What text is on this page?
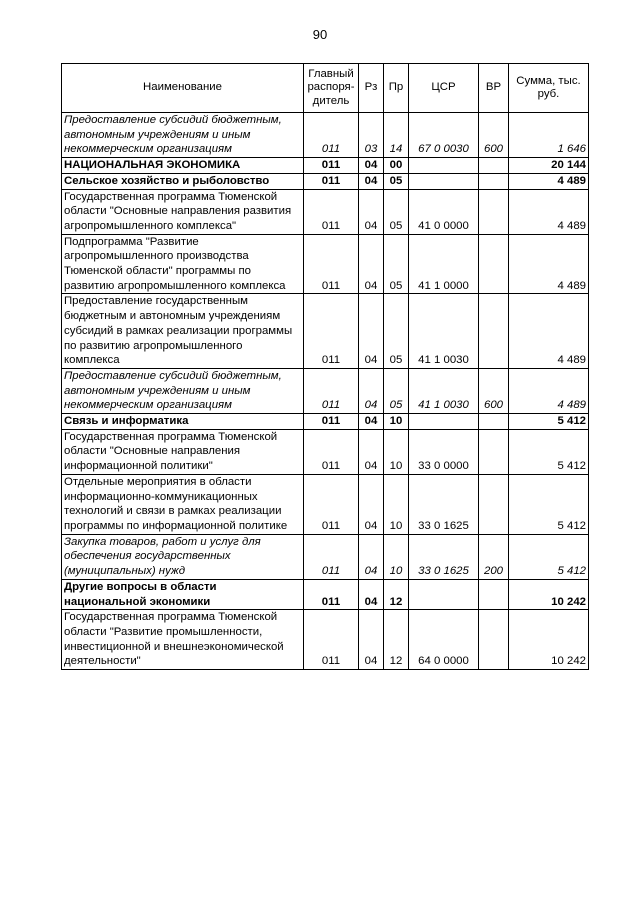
90
Наименование	Главный распоря-дитель	Рз	Пр	ЦСР	ВР	Сумма, тыс. руб.
Предоставление субсидий бюджетным, автономным учреждениям и иным некоммерческим организациям	011	03	14	67 0 0030	600	1 646
НАЦИОНАЛЬНАЯ ЭКОНОМИКА	011	04	00			20 144
Сельское хозяйство и рыболовство	011	04	05			4 489
Государственная программа Тюменской области "Основные направления развития агропромышленного комплекса"	011	04	05	41 0 0000		4 489
Подпрограмма "Развитие агропромышленного производства Тюменской области" программы по развитию агропромышленного комплекса	011	04	05	41 1 0000		4 489
Предоставление государственным бюджетным и автономным учреждениям субсидий в рамках реализации программы по развитию агропромышленного комплекса	011	04	05	41 1 0030		4 489
Предоставление субсидий бюджетным, автономным учреждениям и иным некоммерческим организациям	011	04	05	41 1 0030	600	4 489
Связь и информатика	011	04	10			5 412
Государственная программа Тюменской области "Основные направления информационной политики"	011	04	10	33 0 0000		5 412
Отдельные мероприятия в области информационно-коммуникационных технологий и связи в рамках реализации программы по информационной политике	011	04	10	33 0 1625		5 412
Закупка товаров, работ и услуг для обеспечения государственных (муниципальных) нужд	011	04	10	33 0 1625	200	5 412
Другие вопросы в области национальной экономики	011	04	12			10 242
Государственная программа Тюменской области "Развитие промышленности, инвестиционной и внешнеэкономической деятельности"	011	04	12	64 0 0000		10 242
